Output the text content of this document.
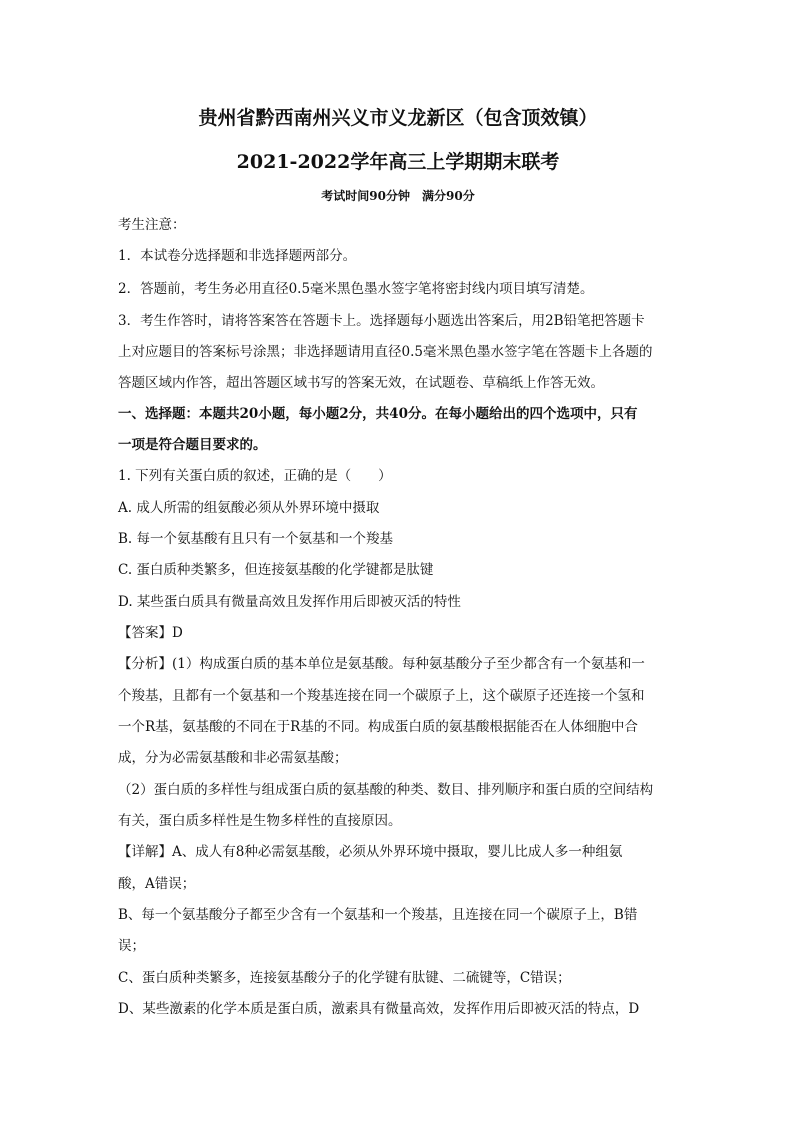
贵州省黔西南州兴义市义龙新区（包含顶效镇）
2021-2022学年高三上学期期末联考
考试时间90分钟　满分90分
考生注意：
1．本试卷分选择题和非选择题两部分。
2．答题前，考生务必用直径0.5毫米黑色墨水签字笔将密封线内项目填写清楚。
3．考生作答时，请将答案答在答题卡上。选择题每小题选出答案后，用2B铅笔把答题卡
上对应题目的答案标号涂黑；非选择题请用直径0.5毫米黑色墨水签字笔在答题卡上各题的
答题区域内作答，超出答题区域书写的答案无效，在试题卷、草稿纸上作答无效。
一、选择题：本题共20小题，每小题2分，共40分。在每小题给出的四个选项中，只有
一项是符合题目要求的。
1. 下列有关蛋白质的叙述，正确的是（　　）
A. 成人所需的组氨酸必须从外界环境中摄取
B. 每一个氨基酸有且只有一个氨基和一个羧基
C. 蛋白质种类繁多，但连接氨基酸的化学键都是肽键
D. 某些蛋白质具有微量高效且发挥作用后即被灭活的特性
【答案】D
【分析】(1）构成蛋白质的基本单位是氨基酸。每种氨基酸分子至少都含有一个氨基和一
个羧基，且都有一个氨基和一个羧基连接在同一个碳原子上，这个碳原子还连接一个氢和
一个R基，氨基酸的不同在于R基的不同。构成蛋白质的氨基酸根据能否在人体细胞中合
成，分为必需氨基酸和非必需氨基酸；
（2）蛋白质的多样性与组成蛋白质的氨基酸的种类、数目、排列顺序和蛋白质的空间结构
有关，蛋白质多样性是生物多样性的直接原因。
【详解】A、成人有8种必需氨基酸，必须从外界环境中摄取，婴儿比成人多一种组氨
酸，A错误；
B、每一个氨基酸分子都至少含有一个氨基和一个羧基，且连接在同一个碳原子上，B错
误；
C、蛋白质种类繁多，连接氨基酸分子的化学键有肽键、二硫键等，C错误；
D、某些激素的化学本质是蛋白质，激素具有微量高效，发挥作用后即被灭活的特点，D
